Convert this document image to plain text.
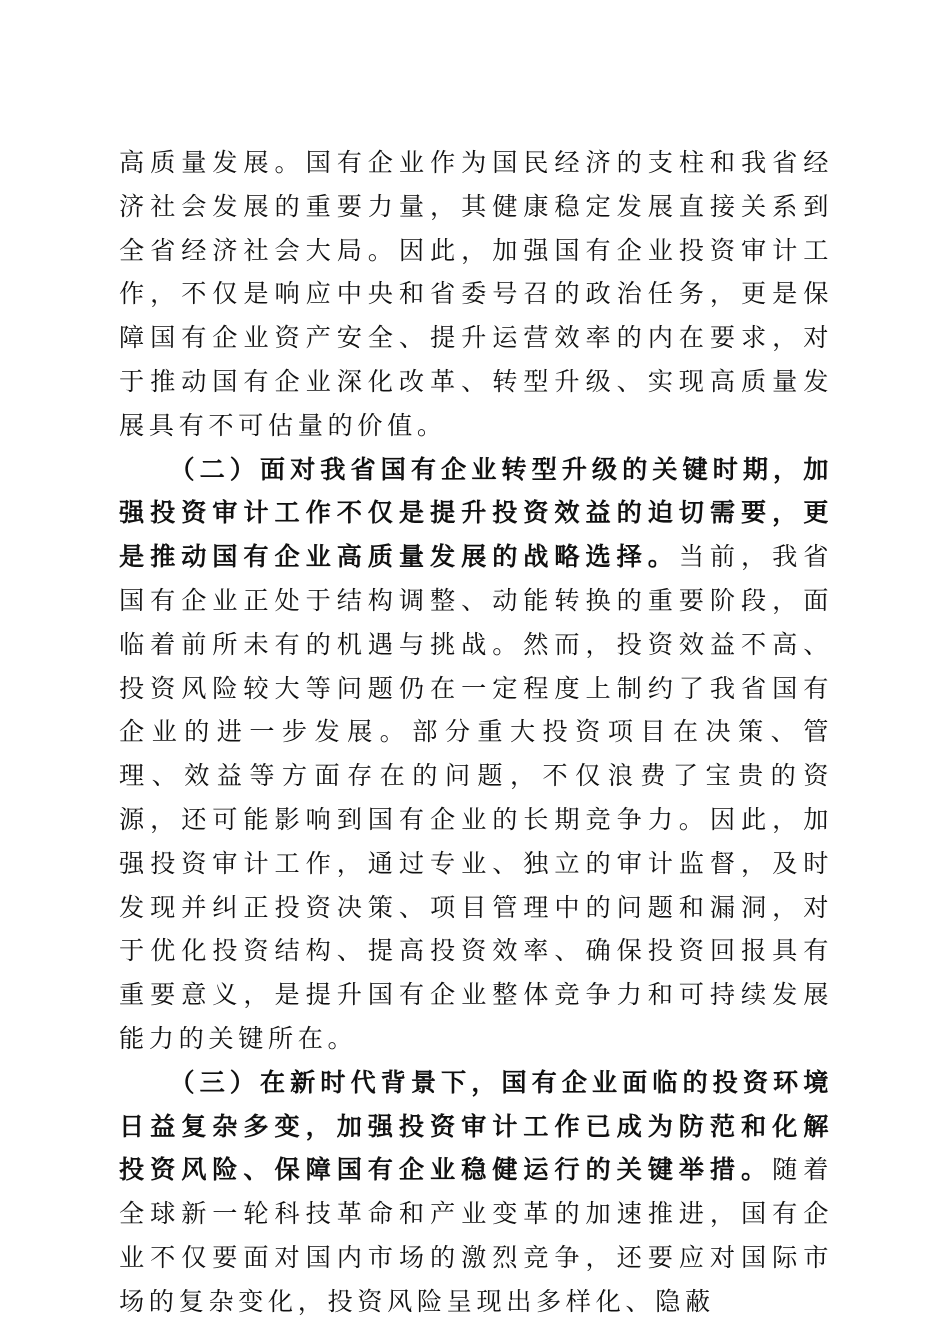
高质量发展。国有企业作为国民经济的支柱和我省经济社会发展的重要力量，其健康稳定发展直接关系到全省经济社会大局。因此，加强国有企业投资审计工作，不仅是响应中央和省委号召的政治任务，更是保障国有企业资产安全、提升运营效率的内在要求，对于推动国有企业深化改革、转型升级、实现高质量发展具有不可估量的价值。

（二）面对我省国有企业转型升级的关键时期，加强投资审计工作不仅是提升投资效益的迫切需要，更是推动国有企业高质量发展的战略选择。当前，我省国有企业正处于结构调整、动能转换的重要阶段，面临着前所未有的机遇与挑战。然而，投资效益不高、投资风险较大等问题仍在一定程度上制约了我省国有企业的进一步发展。部分重大投资项目在决策、管理、效益等方面存在的问题，不仅浪费了宝贵的资源，还可能影响到国有企业的长期竞争力。因此，加强投资审计工作，通过专业、独立的审计监督，及时发现并纠正投资决策、项目管理中的问题和漏洞，对于优化投资结构、提高投资效率、确保投资回报具有重要意义，是提升国有企业整体竞争力和可持续发展能力的关键所在。

（三）在新时代背景下，国有企业面临的投资环境日益复杂多变，加强投资审计工作已成为防范和化解投资风险、保障国有企业稳健运行的关键举措。随着全球新一轮科技革命和产业变革的加速推进，国有企业不仅要面对国内市场的激烈竞争，还要应对国际市场的复杂变化，投资风险呈现出多样化、隐蔽
